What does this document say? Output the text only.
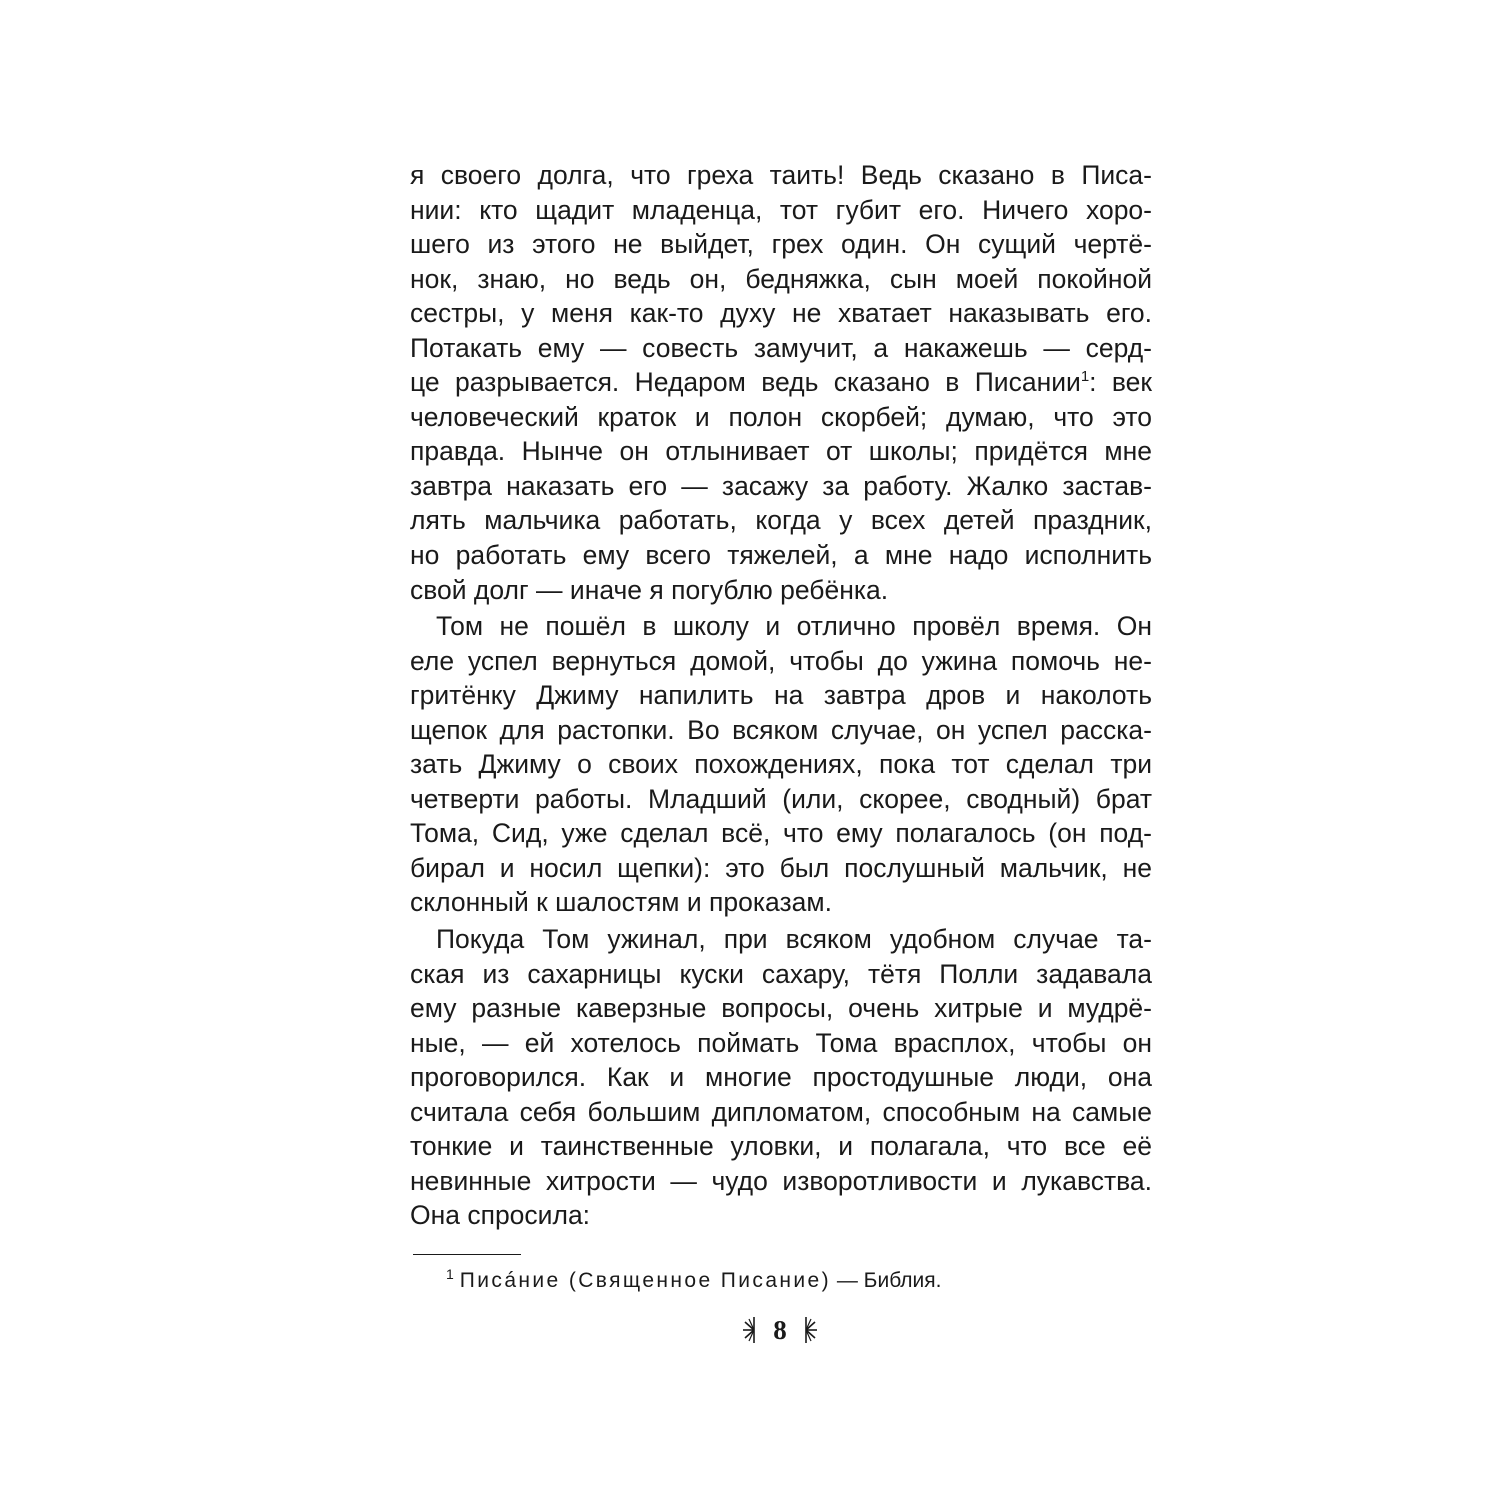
я своего долга, что греха таить! Ведь сказано в Писа-
нии: кто щадит младенца, тот губит его. Ничего хоро-
шего из этого не выйдет, грех один. Он сущий чертё-
нок, знаю, но ведь он, бедняжка, сын моей покойной
сестры, у меня как-то духу не хватает наказывать его.
Потакать ему — совесть замучит, а накажешь — серд-
це разрывается. Недаром ведь сказано в Писании$^1$: век
человеческий краток и полон скорбей; думаю, что это
правда. Нынче он отлынивает от школы; придётся мне
завтра наказать его — засажу за работу. Жалко застав-
лять мальчика работать, когда у всех детей праздник,
но работать ему всего тяжелей, а мне надо исполнить
свой долг — иначе я погублю ребёнка.
Том не пошёл в школу и отлично провёл время. Он
еле успел вернуться домой, чтобы до ужина помочь не-
гритёнку Джиму напилить на завтра дров и наколоть
щепок для растопки. Во всяком случае, он успел расска-
зать Джиму о своих похождениях, пока тот сделал три
четверти работы. Младший (или, скорее, сводный) брат
Тома, Сид, уже сделал всё, что ему полагалось (он под-
бирал и носил щепки): это был послушный мальчик, не
склонный к шалостям и проказам.
Покуда Том ужинал, при всяком удобном случае та-
ская из сахарницы куски сахару, тётя Полли задавала
ему разные каверзные вопросы, очень хитрые и мудрё-
ные, — ей хотелось поймать Тома врасплох, чтобы он
проговорился. Как и многие простодушные люди, она
считала себя большим дипломатом, способным на самые
тонкие и таинственные уловки, и полагала, что все её
невинные хитрости — чудо изворотливости и лукавства.
Она спросила:
$^1$ Писáние (Священное Писание) — Библия.
8
